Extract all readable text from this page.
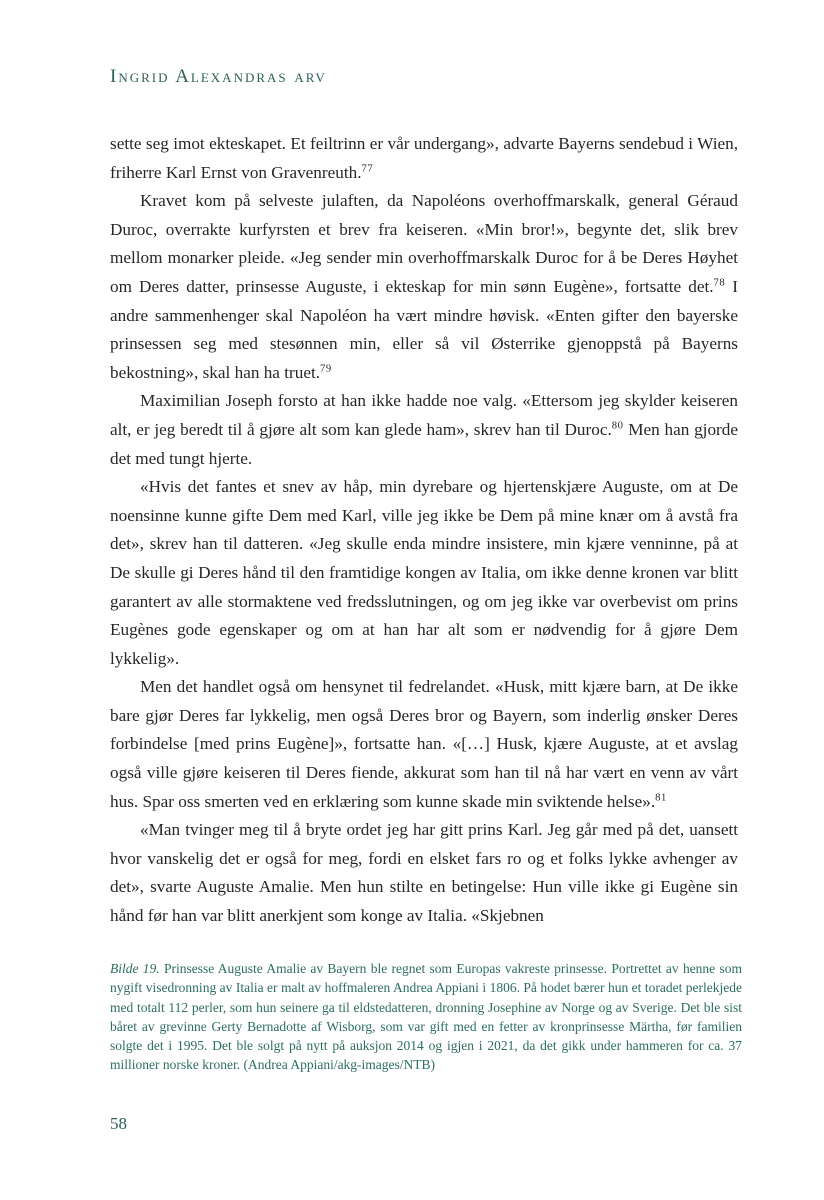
Ingrid Alexandras arv

sette seg imot ekteskapet. Et feiltrinn er vår undergang», advarte Bayerns sendebud i Wien, friherre Karl Ernst von Gravenreuth.$^{77}$

Kravet kom på selveste julaften, da Napoléons overhoffmarskalk, general Géraud Duroc, overrakte kurfyrsten et brev fra keiseren. «Min bror!», begynte det, slik brev mellom monarker pleide. «Jeg sender min overhoffmarskalk Duroc for å be Deres Høyhet om Deres datter, prinsesse Auguste, i ekteskap for min sønn Eugène», fortsatte det.$^{78}$ I andre sammenhenger skal Napoléon ha vært mindre høvisk. «Enten gifter den bayerske prinsessen seg med stesønnen min, eller så vil Østerrike gjenoppstå på Bayerns bekostning», skal han ha truet.$^{79}$

Maximilian Joseph forsto at han ikke hadde noe valg. «Ettersom jeg skylder keiseren alt, er jeg beredt til å gjøre alt som kan glede ham», skrev han til Duroc.$^{80}$ Men han gjorde det med tungt hjerte.

«Hvis det fantes et snev av håp, min dyrebare og hjertenskjære Auguste, om at De noensinne kunne gifte Dem med Karl, ville jeg ikke be Dem på mine knær om å avstå fra det», skrev han til datteren. «Jeg skulle enda mindre insistere, min kjære venninne, på at De skulle gi Deres hånd til den framtidige kongen av Italia, om ikke denne kronen var blitt garantert av alle stormaktene ved fredsslutningen, og om jeg ikke var overbevist om prins Eugènes gode egenskaper og om at han har alt som er nødvendig for å gjøre Dem lykkelig».

Men det handlet også om hensynet til fedrelandet. «Husk, mitt kjære barn, at De ikke bare gjør Deres far lykkelig, men også Deres bror og Bayern, som inderlig ønsker Deres forbindelse [med prins Eugène]», fortsatte han. «[…] Husk, kjære Auguste, at et avslag også ville gjøre keiseren til Deres fiende, akkurat som han til nå har vært en venn av vårt hus. Spar oss smerten ved en erklæring som kunne skade min sviktende helse».$^{81}$

«Man tvinger meg til å bryte ordet jeg har gitt prins Karl. Jeg går med på det, uansett hvor vanskelig det er også for meg, fordi en elsket fars ro og et folks lykke avhenger av det», svarte Auguste Amalie. Men hun stilte en betingelse: Hun ville ikke gi Eugène sin hånd før han var blitt anerkjent som konge av Italia. «Skjebnen

Bilde 19. Prinsesse Auguste Amalie av Bayern ble regnet som Europas vakreste prinsesse. Portrettet av henne som nygift visedronning av Italia er malt av hoffmaleren Andrea Appiani i 1806. På hodet bærer hun et toradet perlekjede med totalt 112 perler, som hun seinere ga til eldstedatteren, dronning Josephine av Norge og av Sverige. Det ble sist båret av grevinne Gerty Bernadotte af Wisborg, som var gift med en fetter av kronprinsesse Märtha, før familien solgte det i 1995. Det ble solgt på nytt på auksjon 2014 og igjen i 2021, da det gikk under hammeren for ca. 37 millioner norske kroner. (Andrea Appiani/akg-images/NTB)
58
